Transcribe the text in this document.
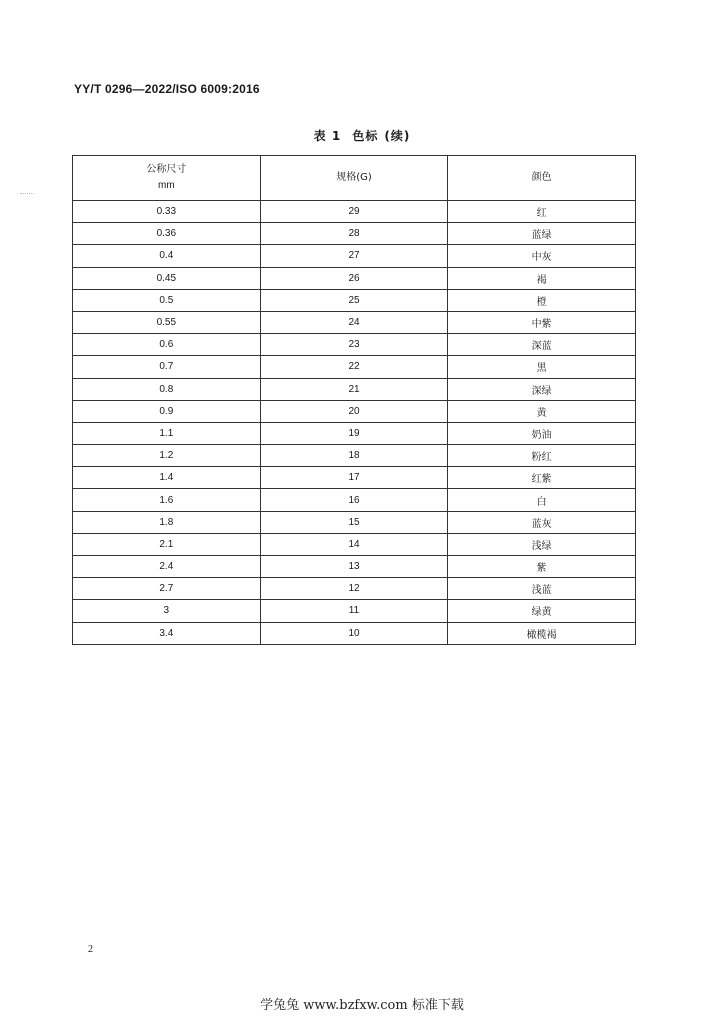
YY/T 0296—2022/ISO 6009:2016
表 1 色标 (续)
公称尺寸
mm	规格(G)	颜色
0.33	29	红
0.36	28	蓝绿
0.4	27	中灰
0.45	26	褐
0.5	25	橙
0.55	24	中紫
0.6	23	深蓝
0.7	22	黑
0.8	21	深绿
0.9	20	黄
1.1	19	奶油
1.2	18	粉红
1.4	17	红紫
1.6	16	白
1.8	15	蓝灰
2.1	14	浅绿
2.4	13	紫
2.7	12	浅蓝
3	11	绿黄
3.4	10	橄榄褐
2
学兔兔 www.bzfxw.com 标准下载
